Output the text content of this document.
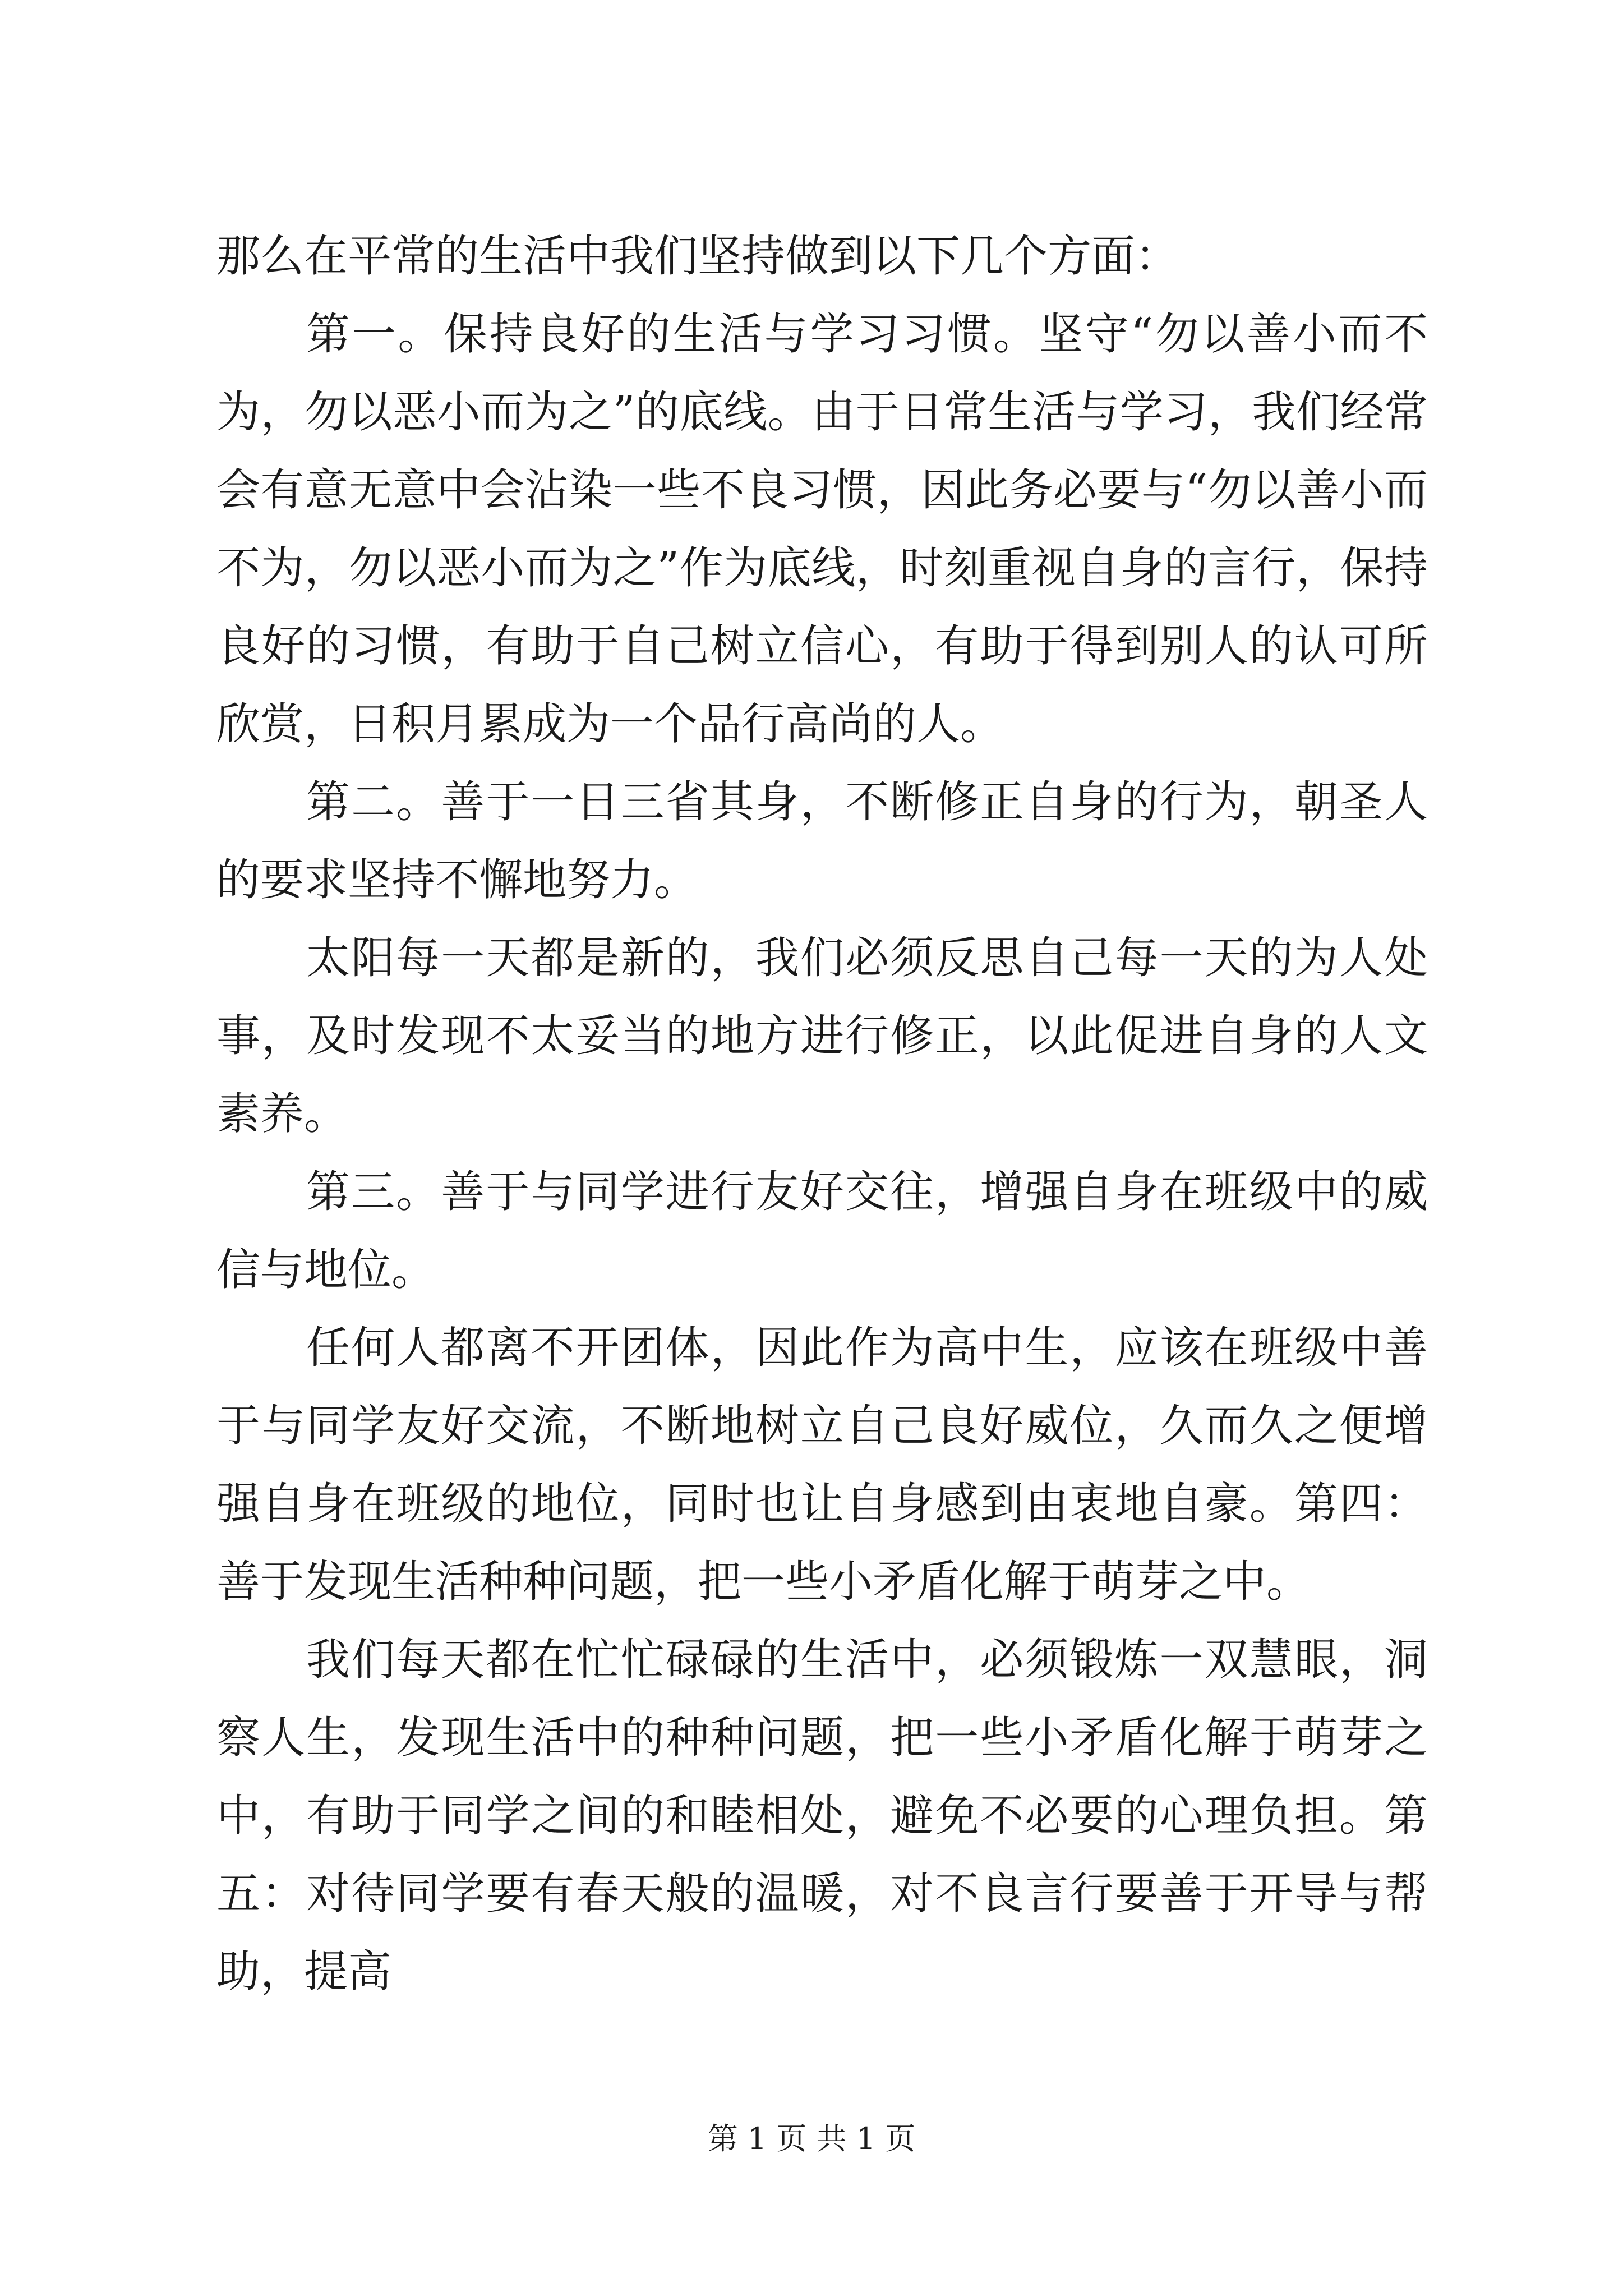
那么在平常的生活中我们坚持做到以下几个方面：

第一。保持良好的生活与学习习惯。坚守“勿以善小而不为，勿以恶小而为之”的底线。由于日常生活与学习，我们经常会有意无意中会沾染一些不良习惯，因此务必要与“勿以善小而不为，勿以恶小而为之”作为底线，时刻重视自身的言行，保持良好的习惯，有助于自己树立信心，有助于得到别人的认可所欣赏，日积月累成为一个品行高尚的人。

第二。善于一日三省其身，不断修正自身的行为，朝圣人的要求坚持不懈地努力。

太阳每一天都是新的，我们必须反思自己每一天的为人处事，及时发现不太妥当的地方进行修正，以此促进自身的人文素养。

第三。善于与同学进行友好交往，增强自身在班级中的威信与地位。

任何人都离不开团体，因此作为高中生，应该在班级中善于与同学友好交流，不断地树立自己良好威位，久而久之便增强自身在班级的地位，同时也让自身感到由衷地自豪。第四：善于发现生活种种问题，把一些小矛盾化解于萌芽之中。

我们每天都在忙忙碌碌的生活中，必须锻炼一双慧眼，洞察人生，发现生活中的种种问题，把一些小矛盾化解于萌芽之中，有助于同学之间的和睦相处，避免不必要的心理负担。第五：对待同学要有春天般的温暖，对不良言行要善于开导与帮助，提高

第 1 页 共 1 页
